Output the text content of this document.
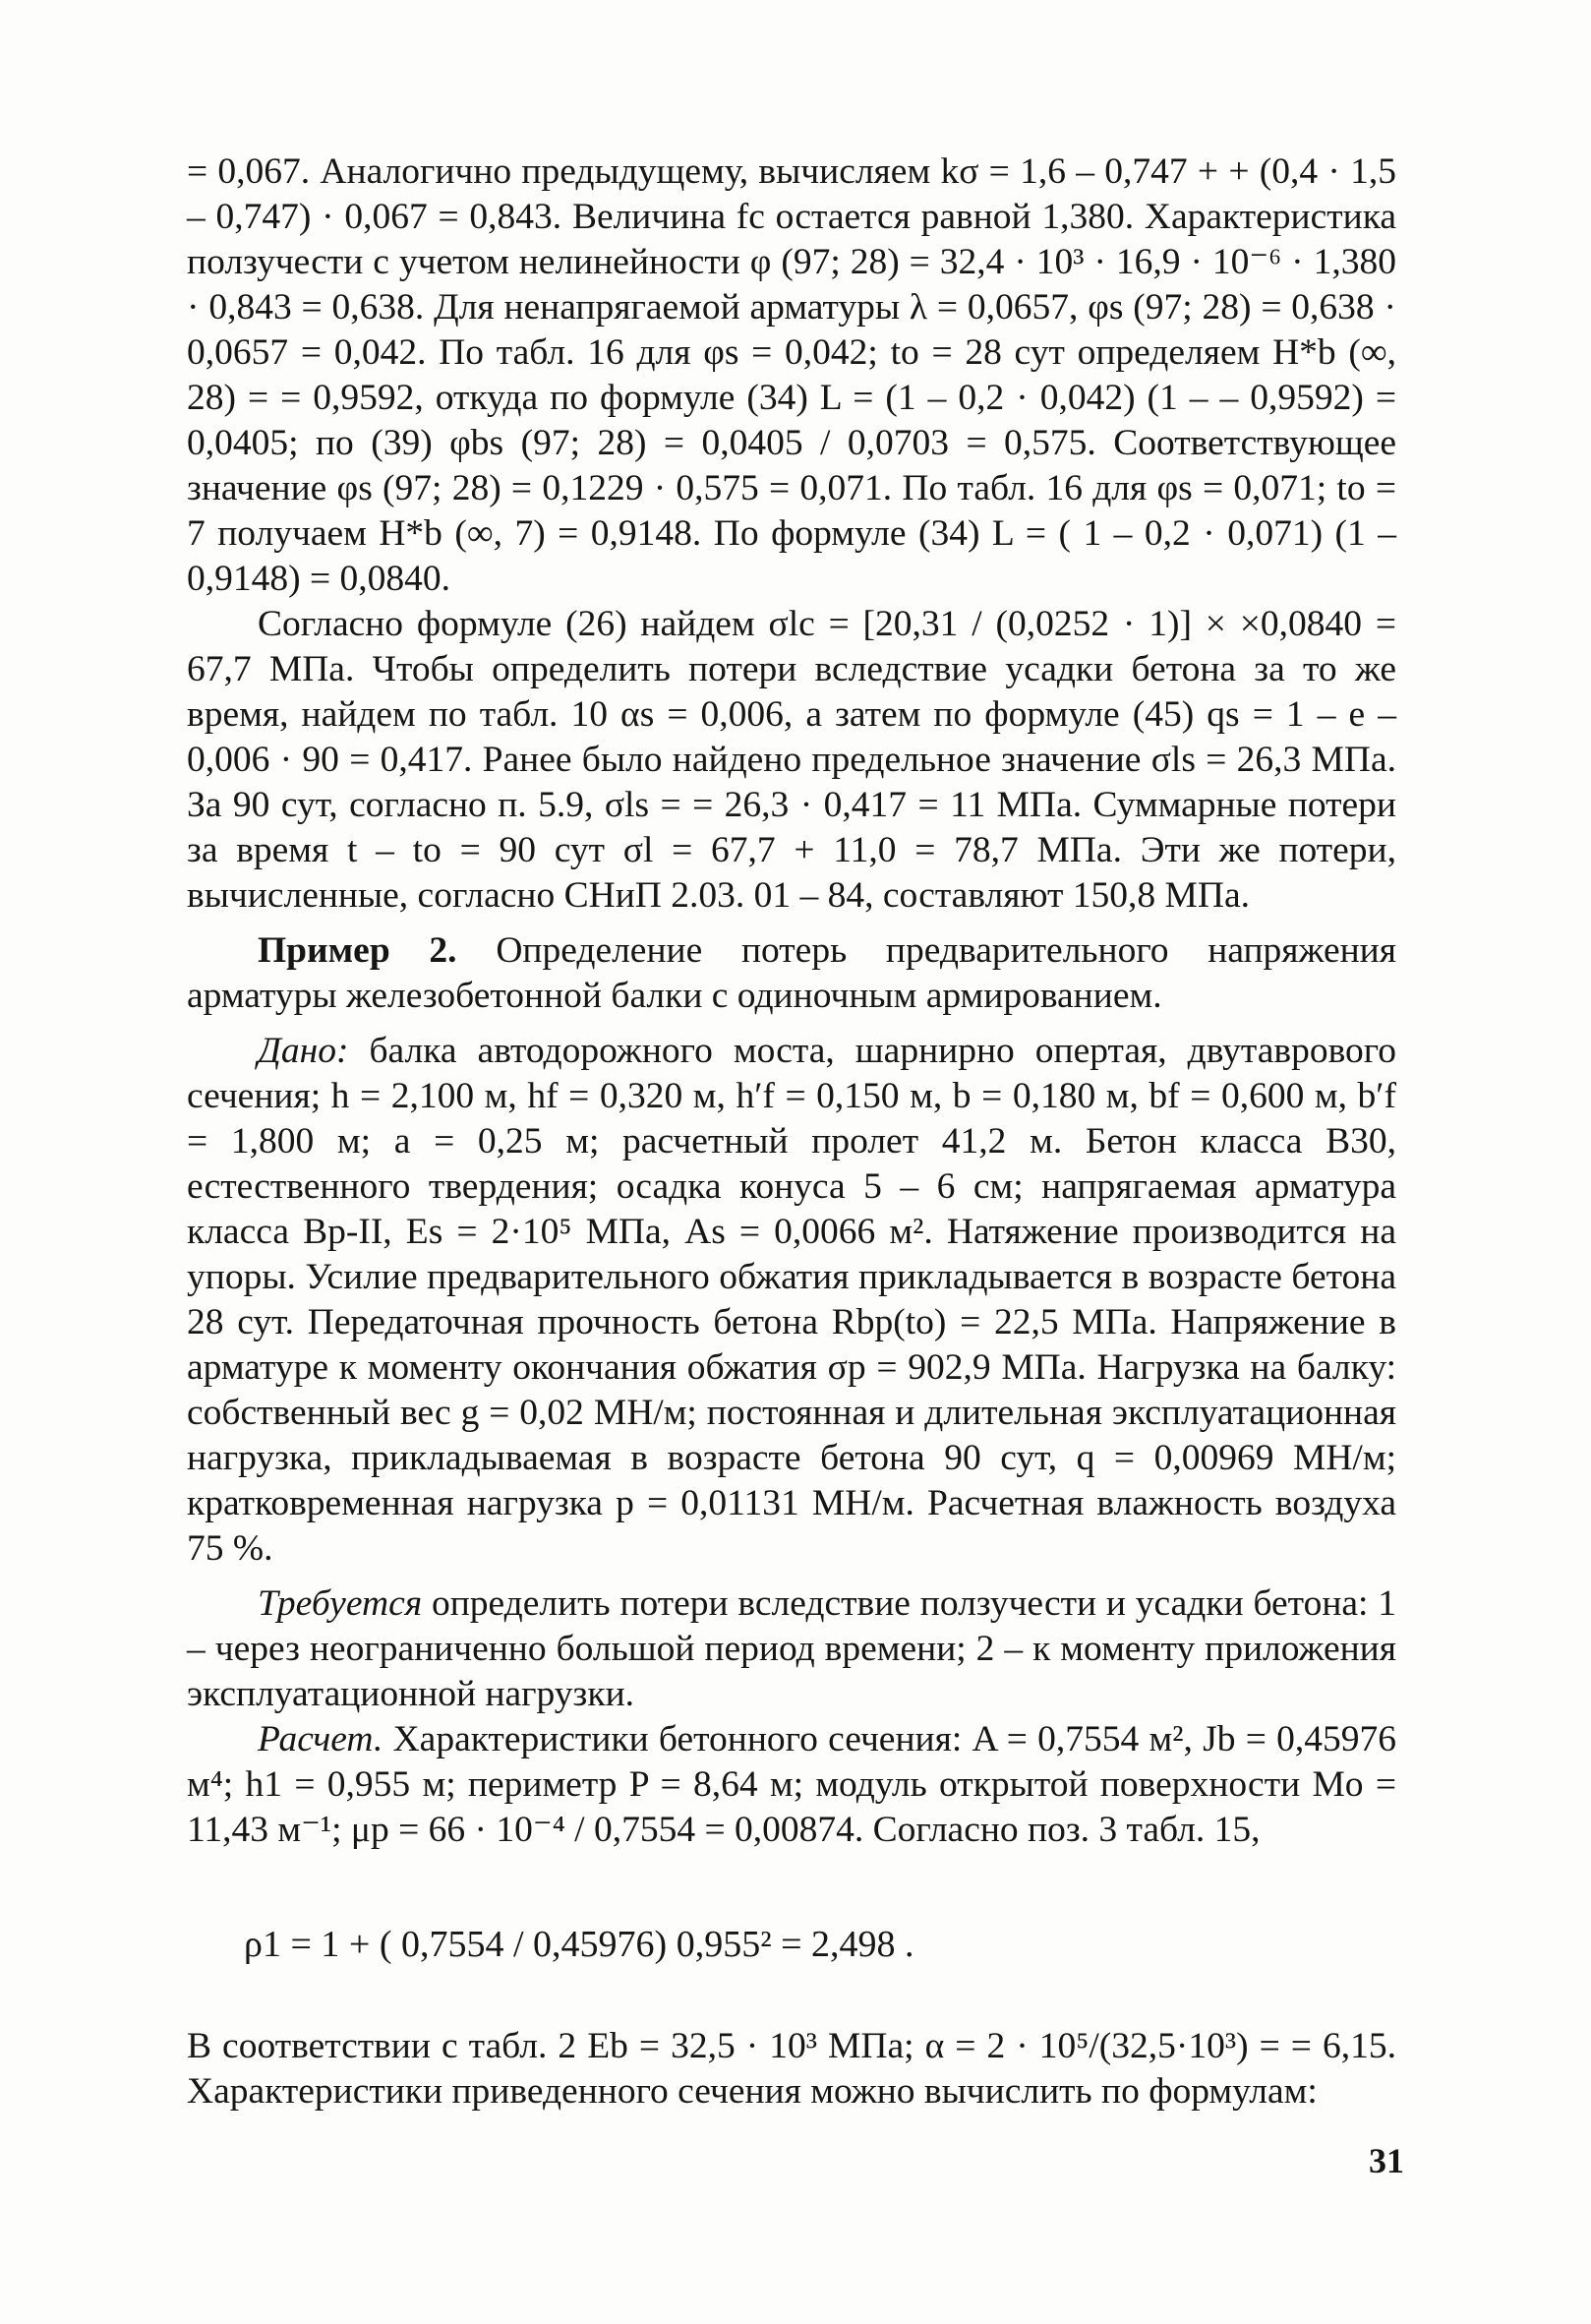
= 0,067. Аналогично предыдущему, вычисляем kσ = 1,6 – 0,747 + + (0,4 · 1,5 – 0,747) · 0,067 = 0,843. Величина fc остается равной 1,380. Характеристика ползучести с учетом нелинейности φ (97; 28) = 32,4 · 10³ · 16,9 · 10⁻⁶ · 1,380 · 0,843 = 0,638. Для ненапрягаемой арматуры λ = 0,0657, φs (97; 28) = 0,638 · 0,0657 = 0,042. По табл. 16 для φs = 0,042; to = 28 сут определяем H*b (∞, 28) = = 0,9592, откуда по формуле (34) L = (1 – 0,2 · 0,042) (1 – – 0,9592) = 0,0405; по (39) φbs (97; 28) = 0,0405 / 0,0703 = 0,575. Соответствующее значение φs (97; 28) = 0,1229 · 0,575 = 0,071. По табл. 16 для φs = 0,071; to = 7 получаем H*b (∞, 7) = 0,9148. По формуле (34) L = ( 1 – 0,2 · 0,071) (1 – 0,9148) = 0,0840.

Согласно формуле (26) найдем σlc = [20,31 / (0,0252 · 1)] × ×0,0840 = 67,7 МПа. Чтобы определить потери вследствие усадки бетона за то же время, найдем по табл. 10 αs = 0,006, а затем по формуле (45) qs = 1 – e – 0,006 · 90 = 0,417. Ранее было найдено предельное значение σls = 26,3 МПа. За 90 сут, согласно п. 5.9, σls = = 26,3 · 0,417 = 11 МПа. Суммарные потери за время t – to = 90 сут σl = 67,7 + 11,0 = 78,7 МПа. Эти же потери, вычисленные, согласно СНиП 2.03. 01 – 84, составляют 150,8 МПа.

Пример 2. Определение потерь предварительного напряжения арматуры железобетонной балки с одиночным армированием.

Дано: балка автодорожного моста, шарнирно опертая, двутаврового сечения; h = 2,100 м, hf = 0,320 м, h′f = 0,150 м, b = 0,180 м, bf = 0,600 м, b′f = 1,800 м; a = 0,25 м; расчетный пролет 41,2 м. Бетон класса B30, естественного твердения; осадка конуса 5 – 6 см; напрягаемая арматура класса Bp-II, Es = 2·10⁵ МПа, As = 0,0066 м². Натяжение производится на упоры. Усилие предварительного обжатия прикладывается в возрасте бетона 28 сут. Передаточная прочность бетона Rbp(to) = 22,5 МПа. Напряжение в арматуре к моменту окончания обжатия σp = 902,9 МПа. Нагрузка на балку: собственный вес g = 0,02 МН/м; постоянная и длительная эксплуатационная нагрузка, прикладываемая в возрасте бетона 90 сут, q = 0,00969 МН/м; кратковременная нагрузка p = 0,01131 МН/м. Расчетная влажность воздуха 75 %.

Требуется определить потери вследствие ползучести и усадки бетона: 1 – через неограниченно большой период времени; 2 – к моменту приложения эксплуатационной нагрузки.

Расчет. Характеристики бетонного сечения: A = 0,7554 м², Jb = 0,45976 м⁴; h1 = 0,955 м; периметр P = 8,64 м; модуль открытой поверхности Mo = 11,43 м⁻¹; μp = 66 · 10⁻⁴ / 0,7554 = 0,00874. Согласно поз. 3 табл. 15,

ρ1 = 1 + ( 0,7554 / 0,45976) 0,955² = 2,498 .

В соответствии с табл. 2 Eb = 32,5 · 10³ МПа; α = 2 · 10⁵/(32,5·10³) = = 6,15. Характеристики приведенного сечения можно вычислить по формулам:

31
